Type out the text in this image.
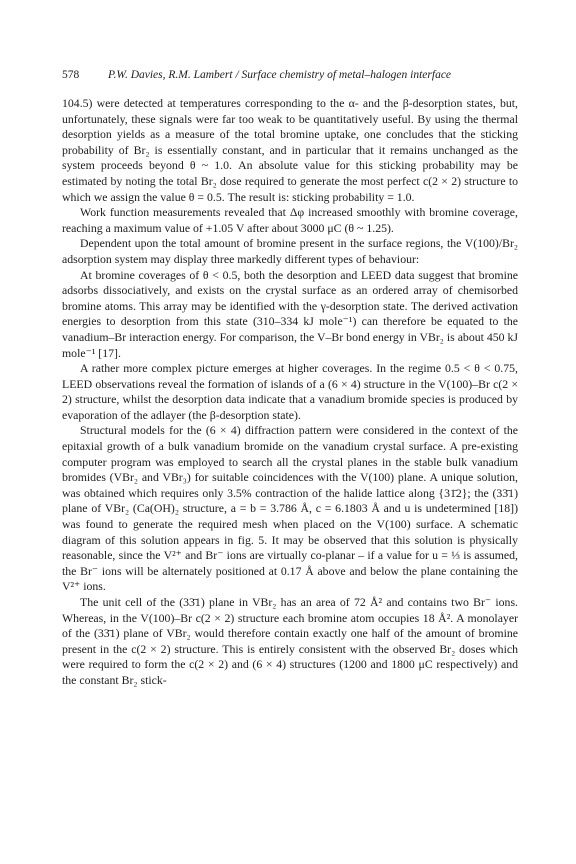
578	P.W. Davies, R.M. Lambert / Surface chemistry of metal–halogen interface

104.5) were detected at temperatures corresponding to the α- and the β-desorption states, but, unfortunately, these signals were far too weak to be quantitatively useful. By using the thermal desorption yields as a measure of the total bromine uptake, one concludes that the sticking probability of Br₂ is essentially constant, and in particular that it remains unchanged as the system proceeds beyond θ ~ 1.0. An absolute value for this sticking probability may be estimated by noting the total Br₂ dose required to generate the most perfect c(2 × 2) structure to which we assign the value θ = 0.5. The result is: sticking probability = 1.0.

Work function measurements revealed that Δφ increased smoothly with bromine coverage, reaching a maximum value of +1.05 V after about 3000 μC (θ ~ 1.25).

Dependent upon the total amount of bromine present in the surface regions, the V(100)/Br₂ adsorption system may display three markedly different types of behaviour:

At bromine coverages of θ < 0.5, both the desorption and LEED data suggest that bromine adsorbs dissociatively, and exists on the crystal surface as an ordered array of chemisorbed bromine atoms. This array may be identified with the γ-desorption state. The derived activation energies to desorption from this state (310–334 kJ mole⁻¹) can therefore be equated to the vanadium–Br interaction energy. For comparison, the V–Br bond energy in VBr₂ is about 450 kJ mole⁻¹ [17].

A rather more complex picture emerges at higher coverages. In the regime 0.5 < θ < 0.75, LEED observations reveal the formation of islands of a (6 × 4) structure in the V(100)–Br c(2 × 2) structure, whilst the desorption data indicate that a vanadium bromide species is produced by evaporation of the adlayer (the β-desorption state).

Structural models for the (6 × 4) diffraction pattern were considered in the context of the epitaxial growth of a bulk vanadium bromide on the vanadium crystal surface. A pre-existing computer program was employed to search all the crystal planes in the stable bulk vanadium bromides (VBr₂ and VBr₃) for suitable coincidences with the V(100) plane. A unique solution, was obtained which requires only 3.5% contraction of the halide lattice along {31̄2}; the (33̄1) plane of VBr₂ (Ca(OH)₂ structure, a = b = 3.786 Å, c = 6.1803 Å and u is undetermined [18]) was found to generate the required mesh when placed on the V(100) surface. A schematic diagram of this solution appears in fig. 5. It may be observed that this solution is physically reasonable, since the V²⁺ and Br⁻ ions are virtually co-planar – if a value for u = ⅓ is assumed, the Br⁻ ions will be alternately positioned at 0.17 Å above and below the plane containing the V²⁺ ions.

The unit cell of the (33̄1) plane in VBr₂ has an area of 72 Å² and contains two Br⁻ ions. Whereas, in the V(100)–Br c(2 × 2) structure each bromine atom occupies 18 Å². A monolayer of the (33̄1) plane of VBr₂ would therefore contain exactly one half of the amount of bromine present in the c(2 × 2) structure. This is entirely consistent with the observed Br₂ doses which were required to form the c(2 × 2) and (6 × 4) structures (1200 and 1800 μC respectively) and the constant Br₂ stick-
